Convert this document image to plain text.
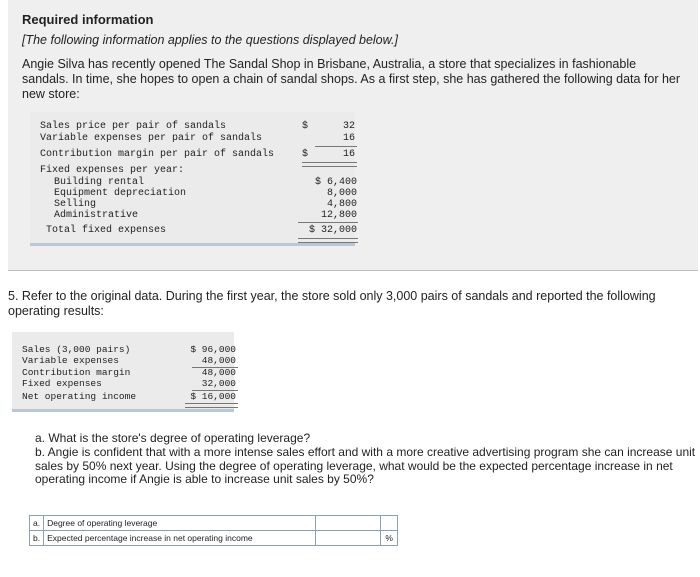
Required information
[The following information applies to the questions displayed below.]
Angie Silva has recently opened The Sandal Shop in Brisbane, Australia, a store that specializes in fashionable sandals. In time, she hopes to open a chain of sandal shops. As a first step, she has gathered the following data for her new store:
Sales price per pair of sandals	$	32
Variable expenses per pair of sandals	16
Contribution margin per pair of sandals	$	16
Fixed expenses per year:
Building rental	$ 6,400
Equipment depreciation	8,000
Selling	4,800
Administrative	12,800
Total fixed expenses	$ 32,000
5. Refer to the original data. During the first year, the store sold only 3,000 pairs of sandals and reported the following operating results:
Sales (3,000 pairs)	$ 96,000
Variable expenses	48,000
Contribution margin	48,000
Fixed expenses	32,000
Net operating income	$ 16,000
a. What is the store's degree of operating leverage?
b. Angie is confident that with a more intense sales effort and with a more creative advertising program she can increase unit sales by 50% next year. Using the degree of operating leverage, what would be the expected percentage increase in net operating income if Angie is able to increase unit sales by 50%?
a.	Degree of operating leverage		
b.	Expected percentage increase in net operating income		%
